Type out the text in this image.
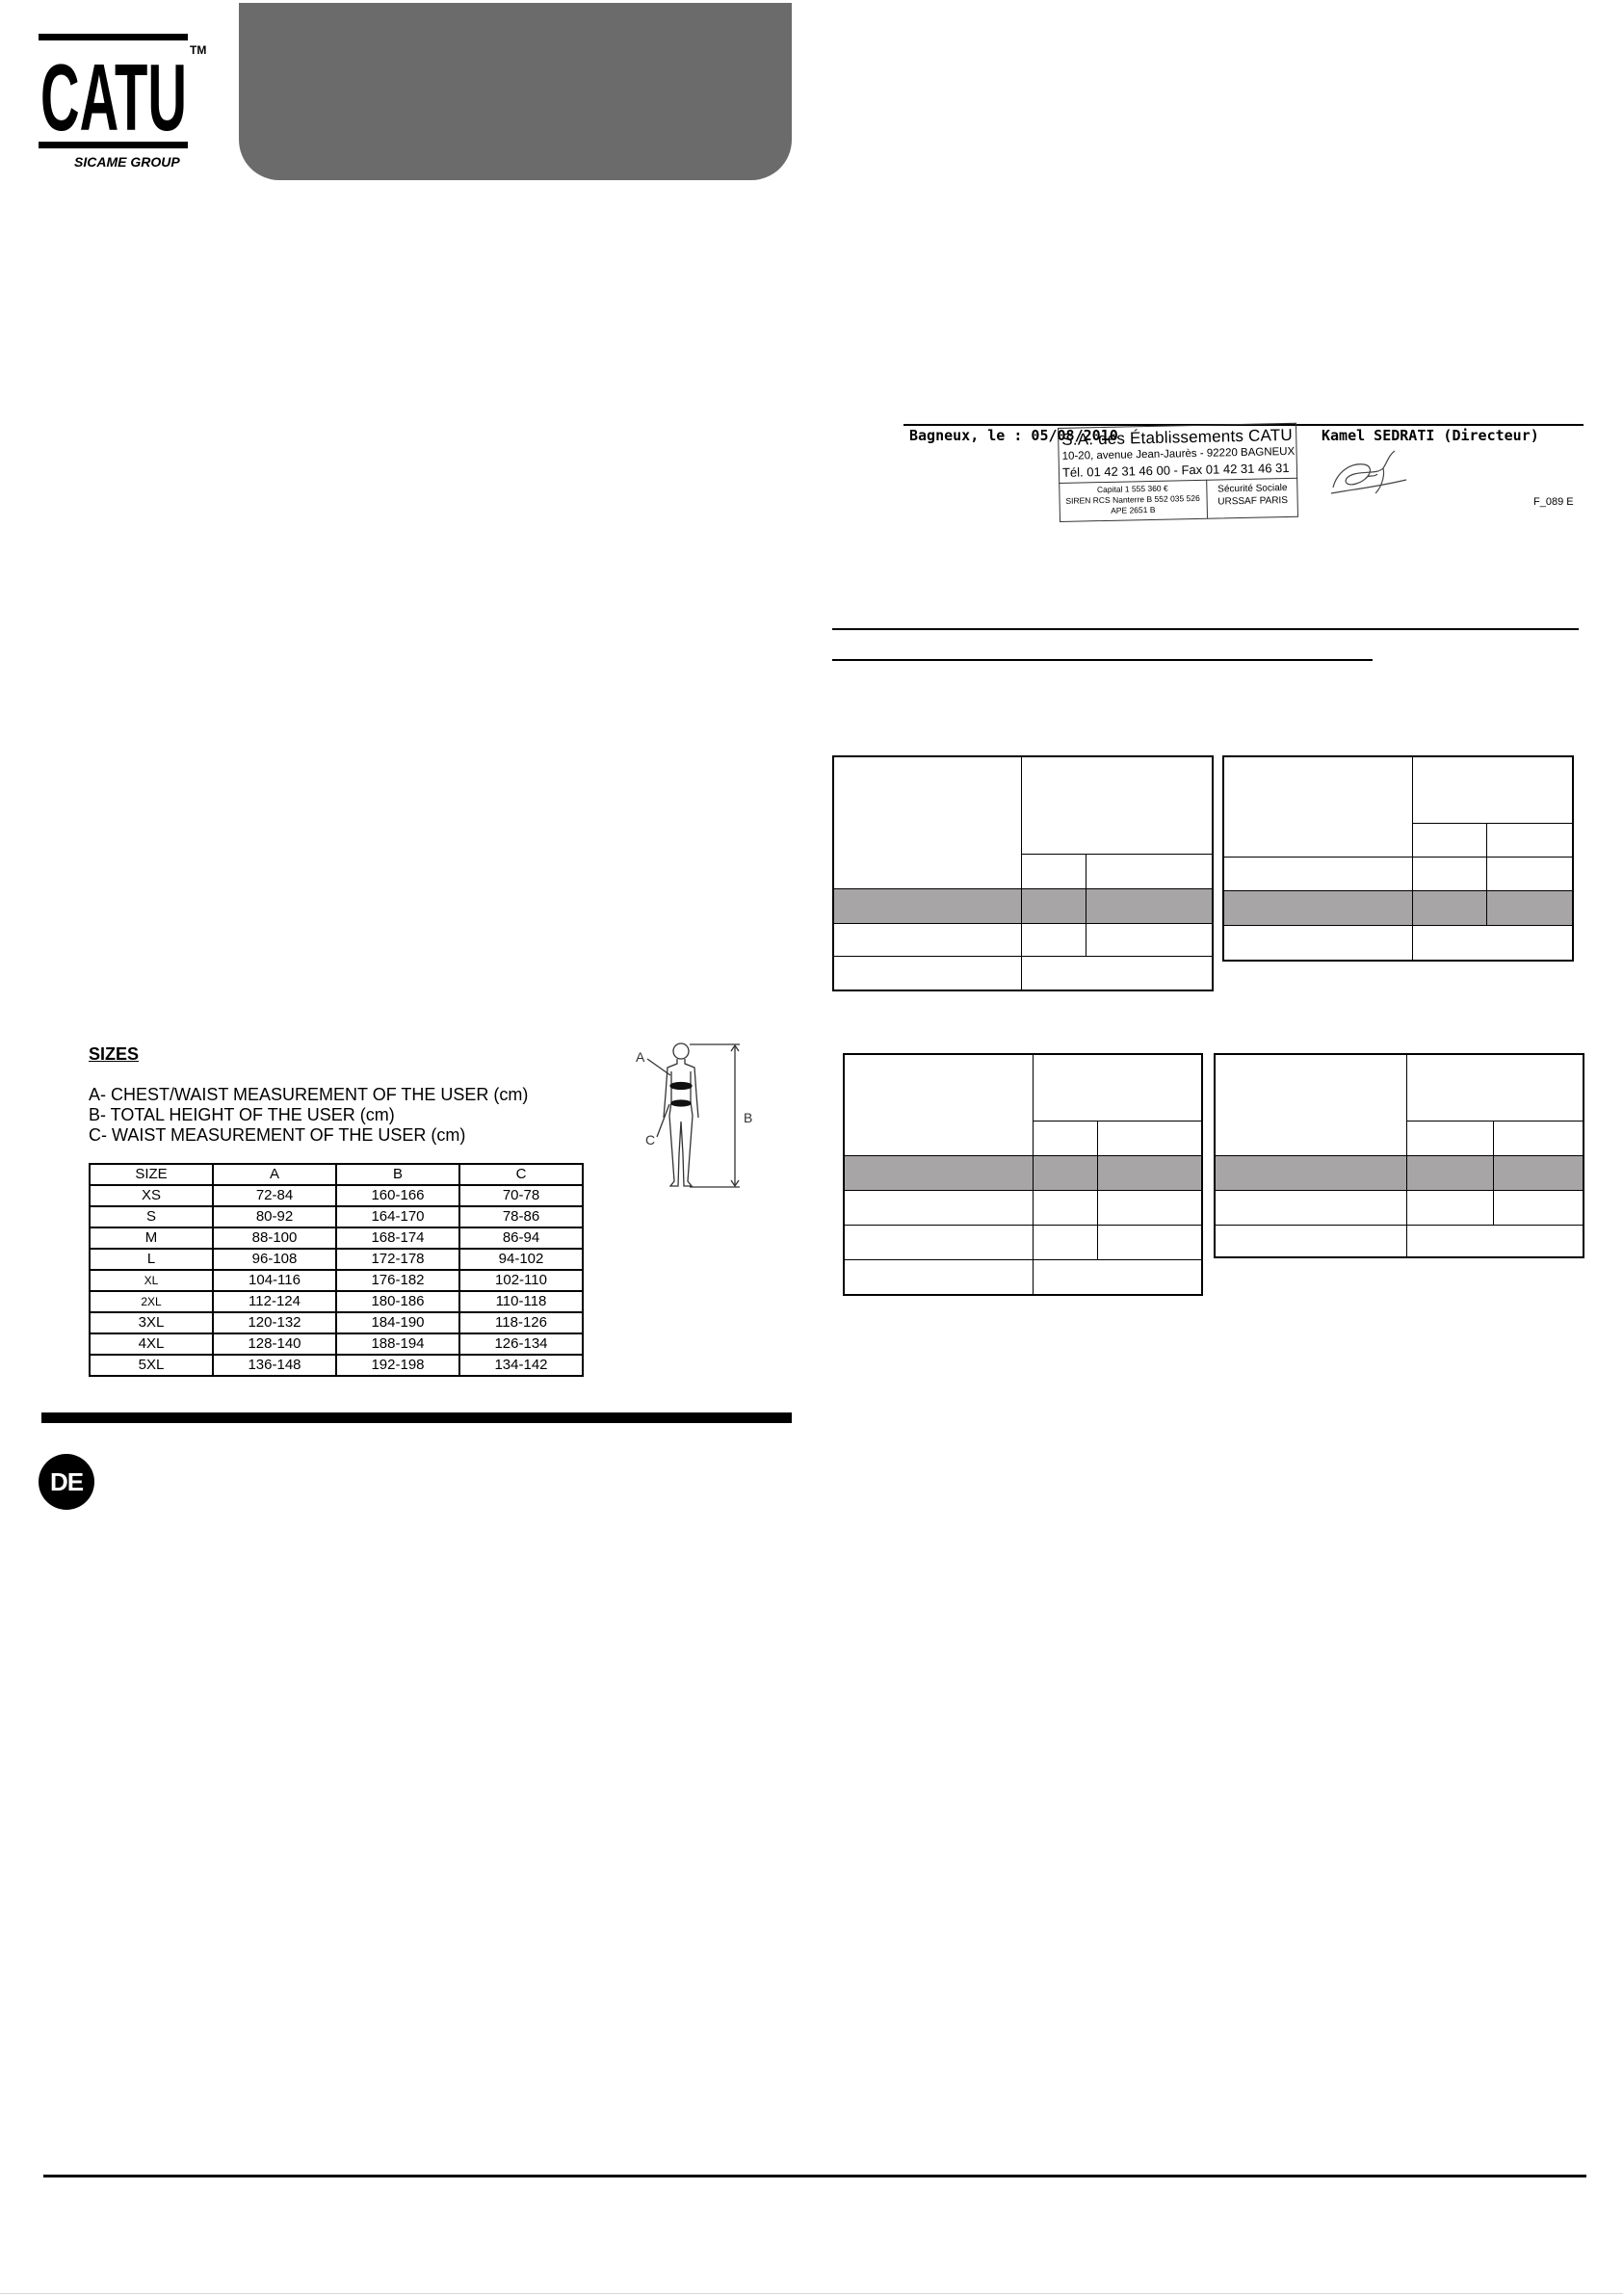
CATU TM
SICAME GROUP
SIZES
A- CHEST/WAIST MEASUREMENT OF THE USER (cm)
B- TOTAL HEIGHT OF THE USER (cm)
C- WAIST MEASUREMENT OF THE USER (cm)
A
B
C
SIZE	A	B	C
XS	72-84	160-166	70-78
S	80-92	164-170	78-86
M	88-100	168-174	86-94
L	96-108	172-178	94-102
XL	104-116	176-182	102-110
2XL	112-124	180-186	110-118
3XL	120-132	184-190	118-126
4XL	128-140	188-194	126-134
5XL	136-148	192-198	134-142
DE
S.A. des Établissements CATU
10-20, avenue Jean-Jaurès - 92220 BAGNEUX
Tél. 01 42 31 46 00 - Fax 01 42 31 46 31
Capital 1 555 360 €
SIREN RCS Nanterre B 552 035 526
APE 2651 B
Sécurité Sociale
URSSAF PARIS
Bagneux, le : 05/08/2010	Kamel SEDRATI (Directeur)
F_089 E
